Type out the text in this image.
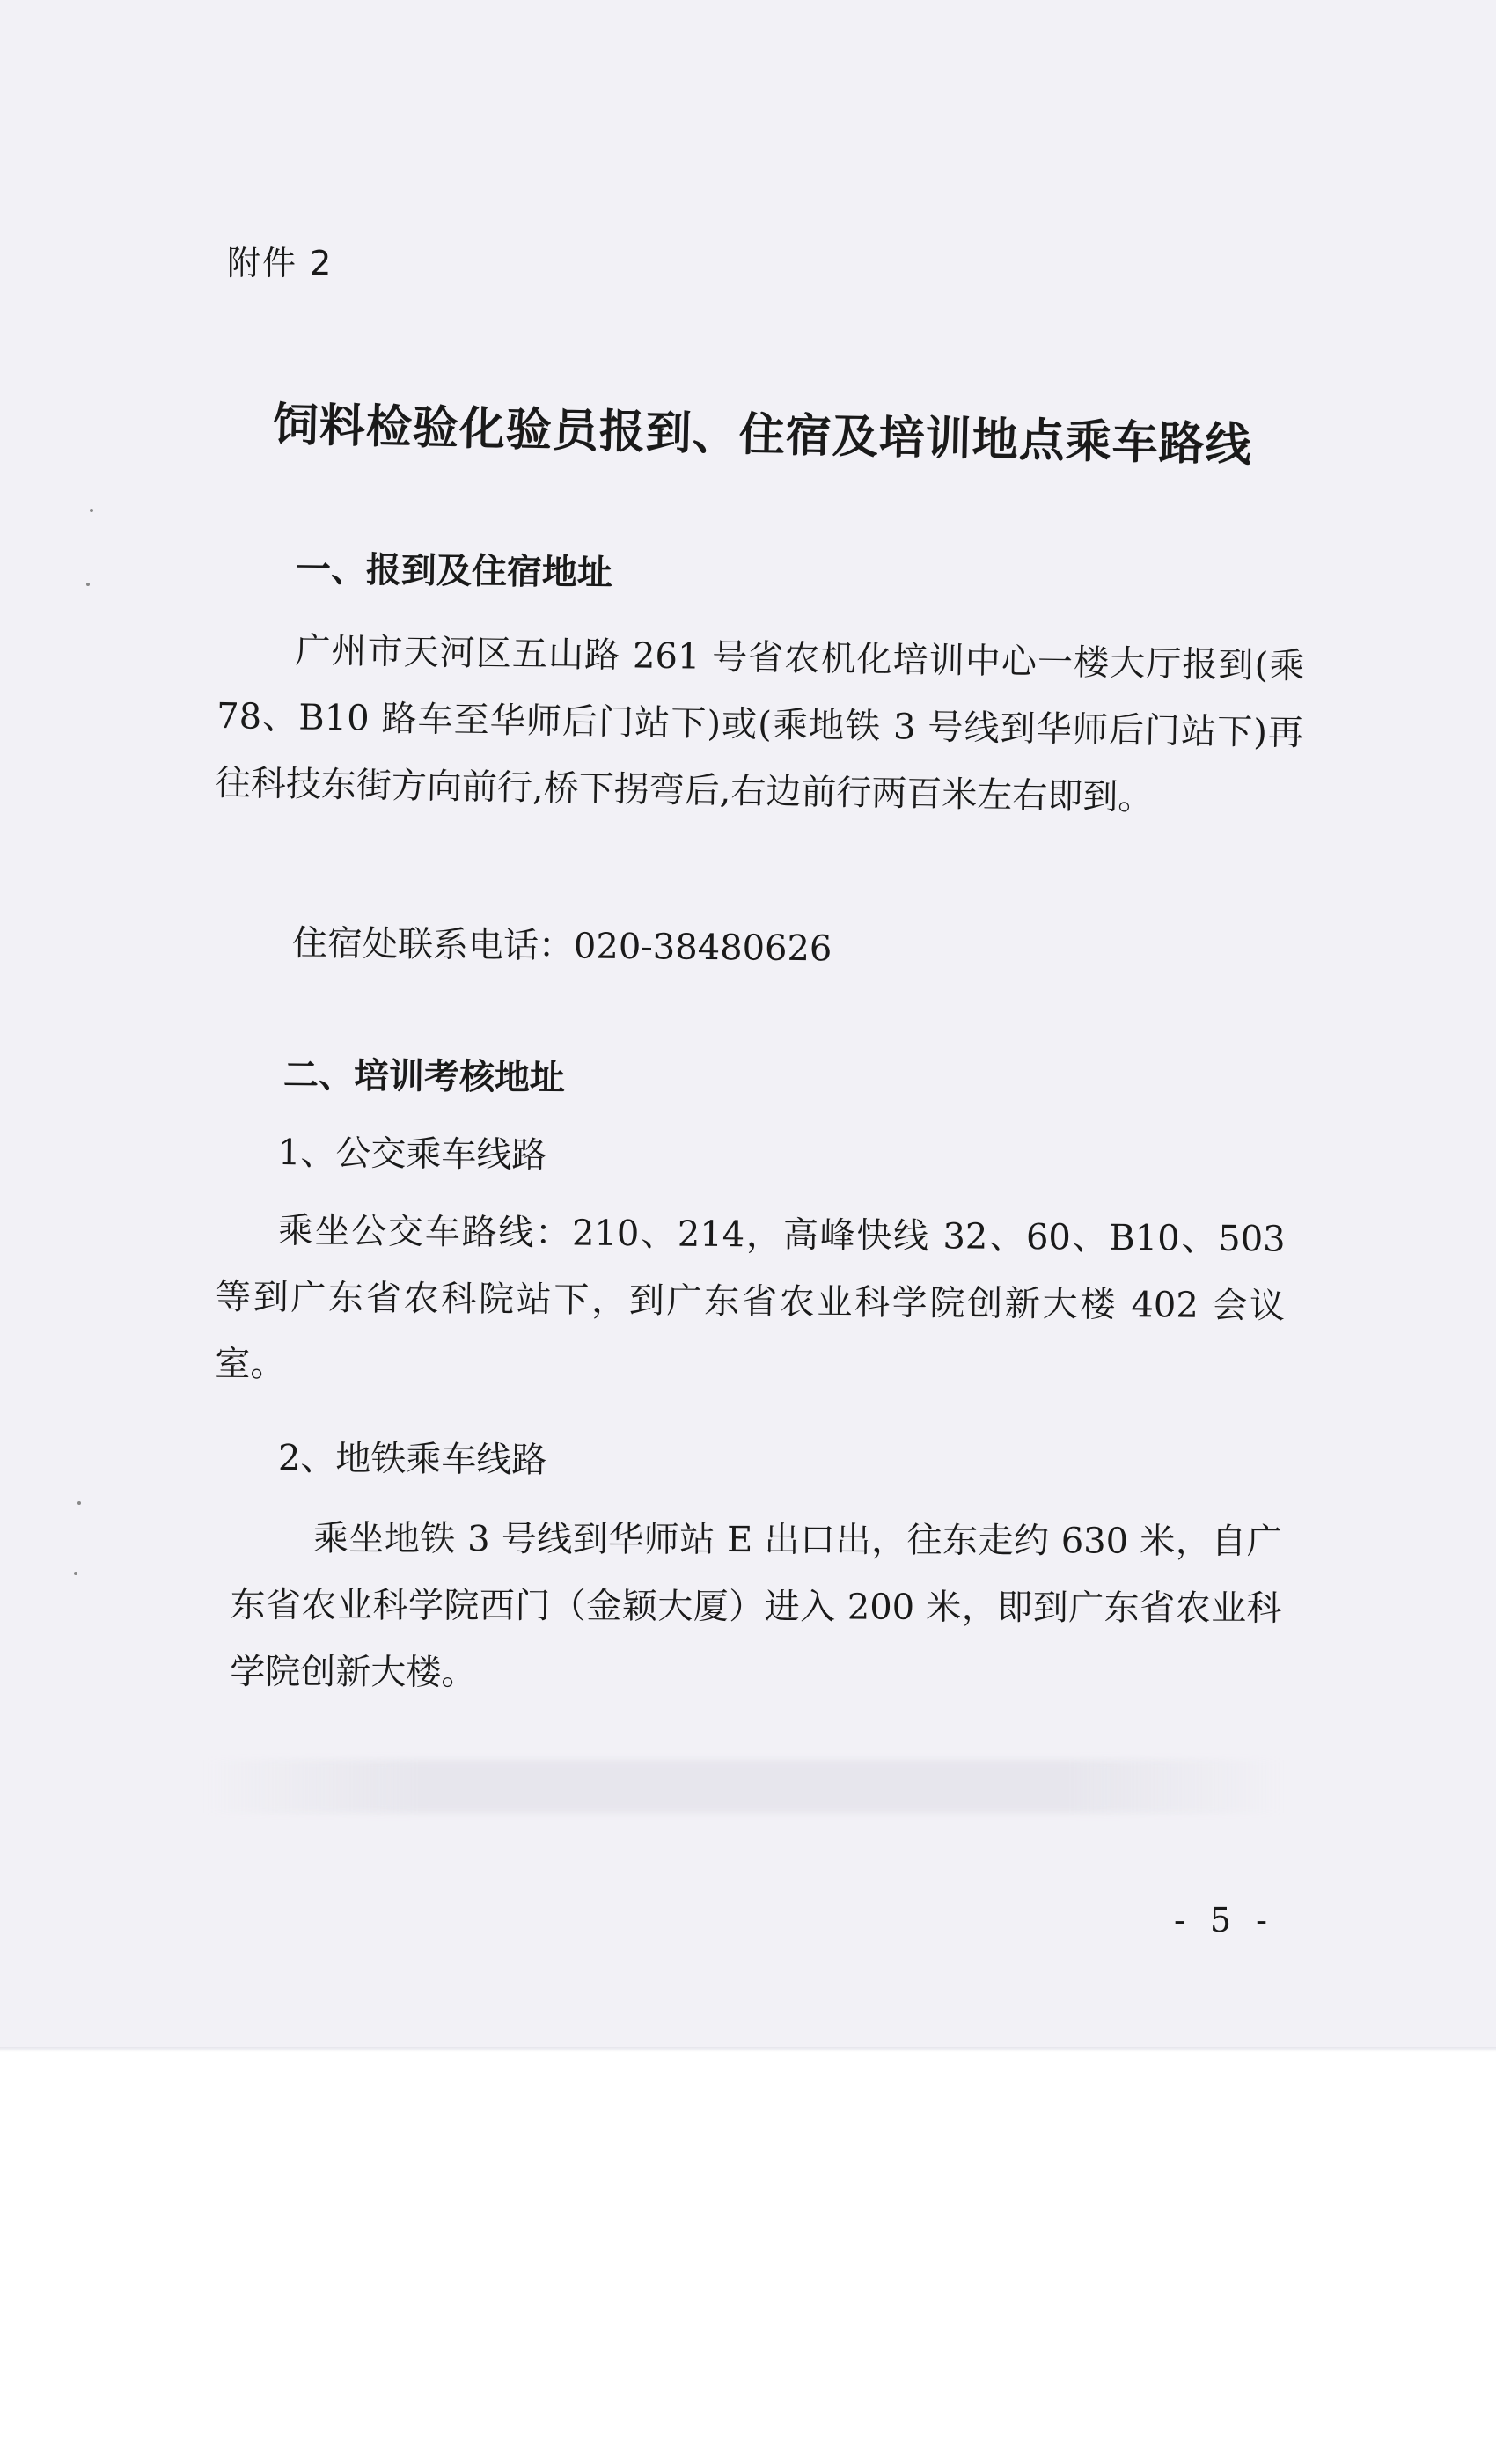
附件 2

饲料检验化验员报到、住宿及培训地点乘车路线
一、报到及住宿地址

广州市天河区五山路 261 号省农机化培训中心一楼大厅报到(乘 78、B10 路车至华师后门站下)或(乘地铁 3 号线到华师后门站下)再往科技东街方向前行,桥下拐弯后,右边前行两百米左右即到。

住宿处联系电话：020-38480626

二、培训考核地址

1、公交乘车线路

乘坐公交车路线：210、214，高峰快线 32、60、B10、503 等到广东省农科院站下，到广东省农业科学院创新大楼 402 会议室。

2、地铁乘车线路

乘坐地铁 3 号线到华师站 E 出口出，往东走约 630 米，自广东省农业科学院西门（金颖大厦）进入 200 米，即到广东省农业科学院创新大楼。

- 5 -
